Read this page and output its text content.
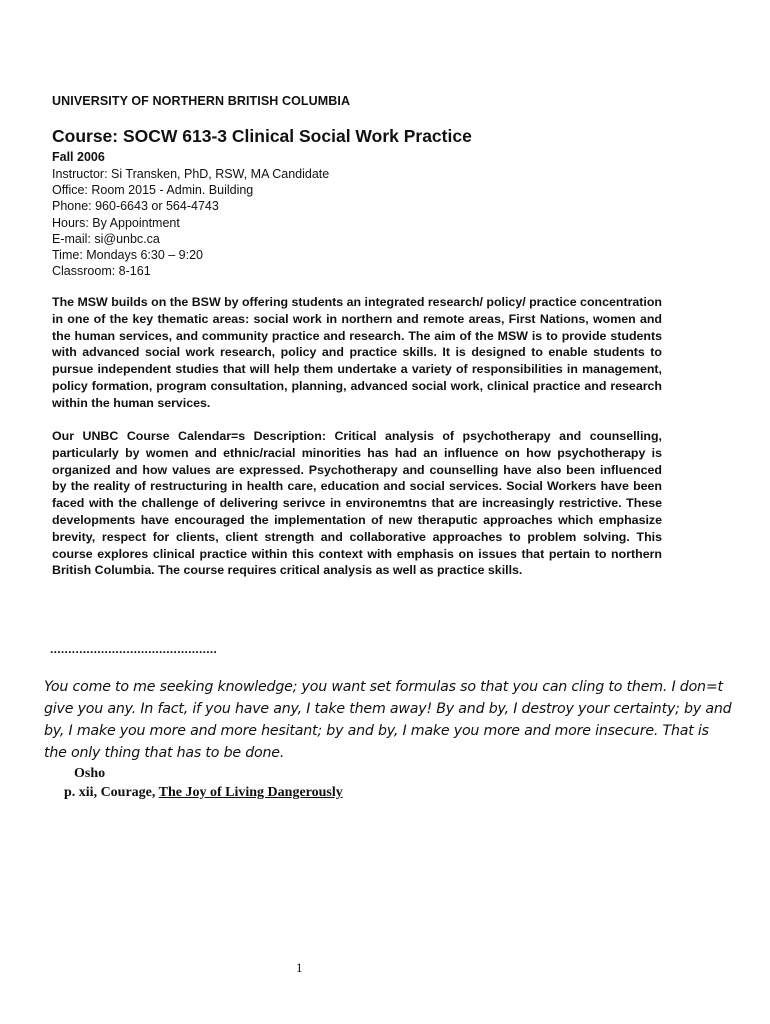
UNIVERSITY OF NORTHERN BRITISH COLUMBIA
Course: SOCW 613-3 Clinical Social Work Practice
Fall 2006
Instructor: Si Transken, PhD, RSW, MA Candidate
Office: Room 2015 - Admin. Building
Phone: 960-6643 or 564-4743
Hours: By Appointment
E-mail: si@unbc.ca
Time: Mondays 6:30 – 9:20
Classroom: 8-161
The MSW builds on the BSW by offering students an integrated research/ policy/ practice concentration in one of the key thematic areas: social work in northern and remote areas, First Nations, women and the human services, and community practice and research. The aim of the MSW is to provide students with advanced social work research, policy and practice skills. It is designed to enable students to pursue independent studies that will help them undertake a variety of responsibilities in management, policy formation, program consultation, planning, advanced social work, clinical practice and research within the human services.
Our UNBC Course Calendar=s Description: Critical analysis of psychotherapy and counselling, particularly by women and ethnic/racial minorities has had an influence on how psychotherapy is organized and how values are expressed. Psychotherapy and counselling have also been influenced by the reality of restructuring in health care, education and social services. Social Workers have been faced with the challenge of delivering serivce in environemtns that are increasingly restrictive. These developments have encouraged the implementation of new theraputic approaches which emphasize brevity, respect for clients, client strength and collaborative approaches to problem solving. This course explores clinical practice within this context with emphasis on issues that pertain to northern British Columbia. The course requires critical analysis as well as practice skills.
..............................................
You come to me seeking knowledge; you want set formulas so that you can cling to them. I don=t give you any. In fact, if you have any, I take them away! By and by, I destroy your certainty; by and by, I make you more and more hesitant; by and by, I make you more and more insecure. That is the only thing that has to be done.
Osho
p. xii, Courage, The Joy of Living Dangerously
1
